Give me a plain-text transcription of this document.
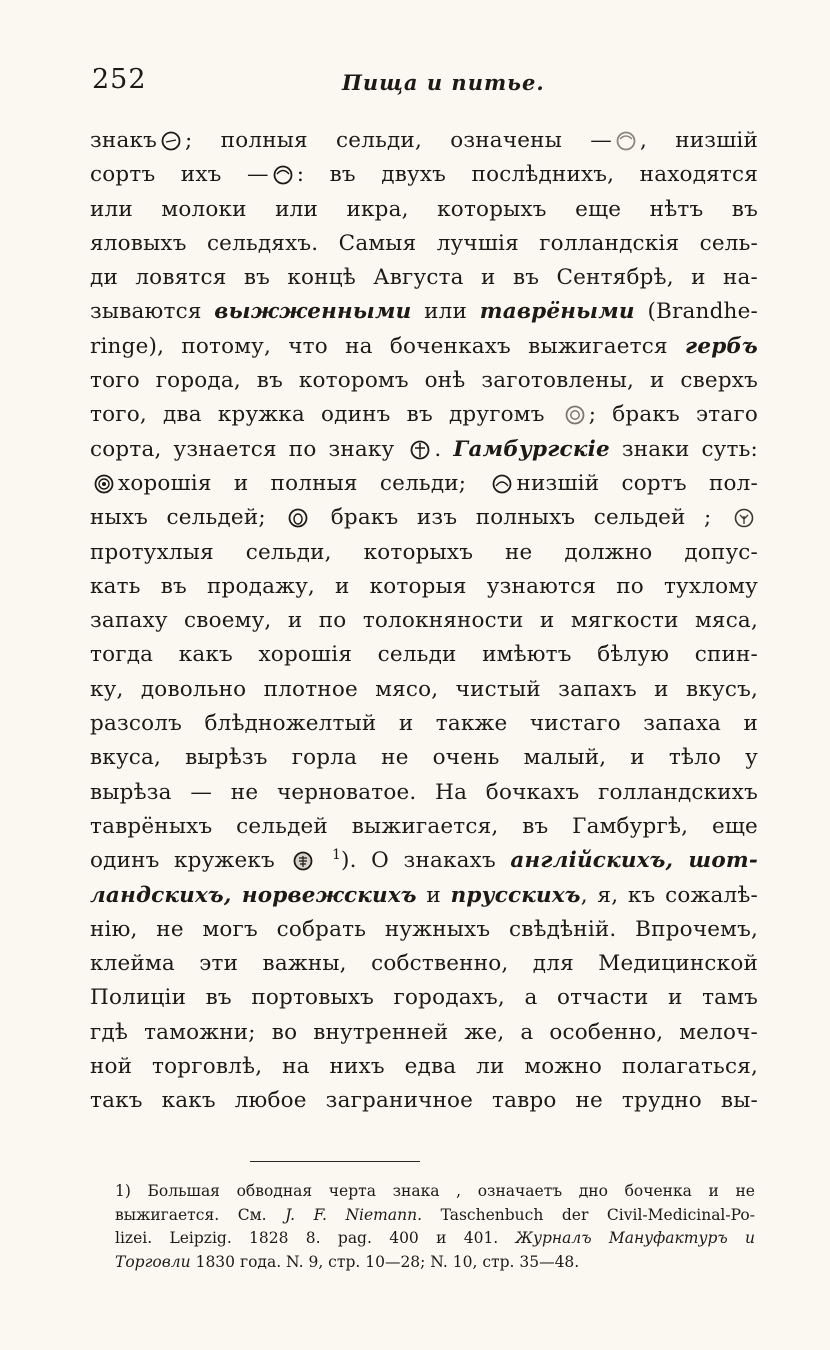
252	Пища и питье.
знакъ ; полныя сельди, означены — , низшій
сортъ ихъ — : въ двухъ послѣднихъ, находятся
или молоки или икра, которыхъ еще нѣтъ въ
яловыхъ сельдяхъ. Самыя лучшія голландскія сель-
ди ловятся въ концѣ Августа и въ Сентябрѣ, и на-
зываются выжженными или таврёными (Brandhe-
ringe), потому, что на боченкахъ выжигается гербъ
того города, въ которомъ онѣ заготовлены, и сверхъ
того, два кружка одинъ въ другомъ ; бракъ этаго
сорта, узнается по знаку . Гамбургскіе знаки суть:
хорошія и полныя сельди; низшій сортъ пол-
ныхъ сельдей;	бракъ изъ полныхъ сельдей ;
протухлыя сельди, которыхъ не должно допус-
кать въ продажу, и которыя узнаются по тухлому
запаху своему, и по толокняности и мягкости мяса,
тогда какъ хорошія сельди имѣютъ бѣлую спин-
ку, довольно плотное мясо, чистый запахъ и вкусъ,
разсолъ блѣдножелтый и также чистаго запаха и
вкуса, вырѣзъ горла не очень малый, и тѣло у
вырѣза — не черноватое. На бочкахъ голландскихъ
таврёныхъ сельдей выжигается, въ Гамбургѣ, еще
одинъ кружекъ	$^1$). О знакахъ англійскихъ, шот-
ландскихъ, норвежскихъ и прусскихъ, я, къ сожалѣ-
нію, не могъ собрать нужныхъ свѣдѣній. Впрочемъ,
клейма эти важны, собственно, для Медицинской
Полиціи въ портовыхъ городахъ, а отчасти и тамъ
гдѣ таможни; во внутренней же, а особенно, мелоч-
ной торговлѣ, на нихъ едва ли можно полагаться,
такъ какъ любое заграничное тавро не трудно вы-
1) Большая обводная черта знака , означаетъ дно боченка и не
выжигается. См. J. F. Niemann. Taschenbuch der Civil-Medicinal-Po-
lizei. Leipzig. 1828 8. pag. 400 и 401. Журналъ Мануфактуръ и
Торговли 1830 года. N. 9, стр. 10—28; N. 10, стр. 35—48.
